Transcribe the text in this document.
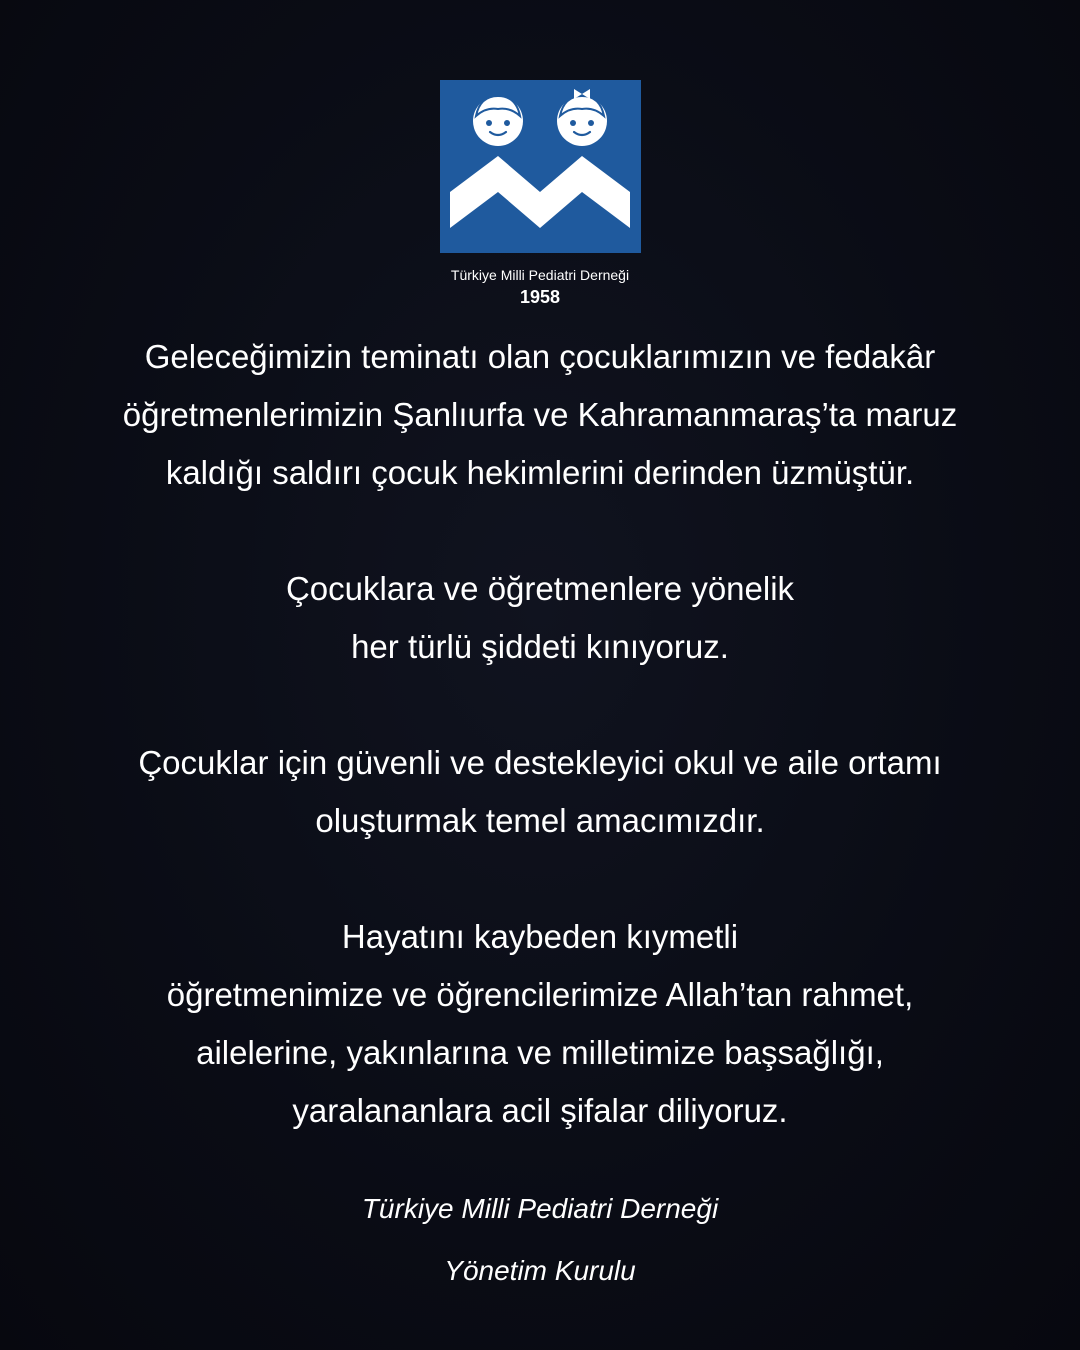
Türkiye Milli Pediatri Derneği
1958

Geleceğimizin teminatı olan çocuklarımızın ve fedakâr
öğretmenlerimizin Şanlıurfa ve Kahramanmaraş’ta maruz
kaldığı saldırı çocuk hekimlerini derinden üzmüştür.

Çocuklara ve öğretmenlere yönelik
her türlü şiddeti kınıyoruz.

Çocuklar için güvenli ve destekleyici okul ve aile ortamı
oluşturmak temel amacımızdır.

Hayatını kaybeden kıymetli
öğretmenimize ve öğrencilerimize Allah’tan rahmet,
ailelerine, yakınlarına ve milletimize başsağlığı,
yaralananlara acil şifalar diliyoruz.

Türkiye Milli Pediatri Derneği
Yönetim Kurulu
